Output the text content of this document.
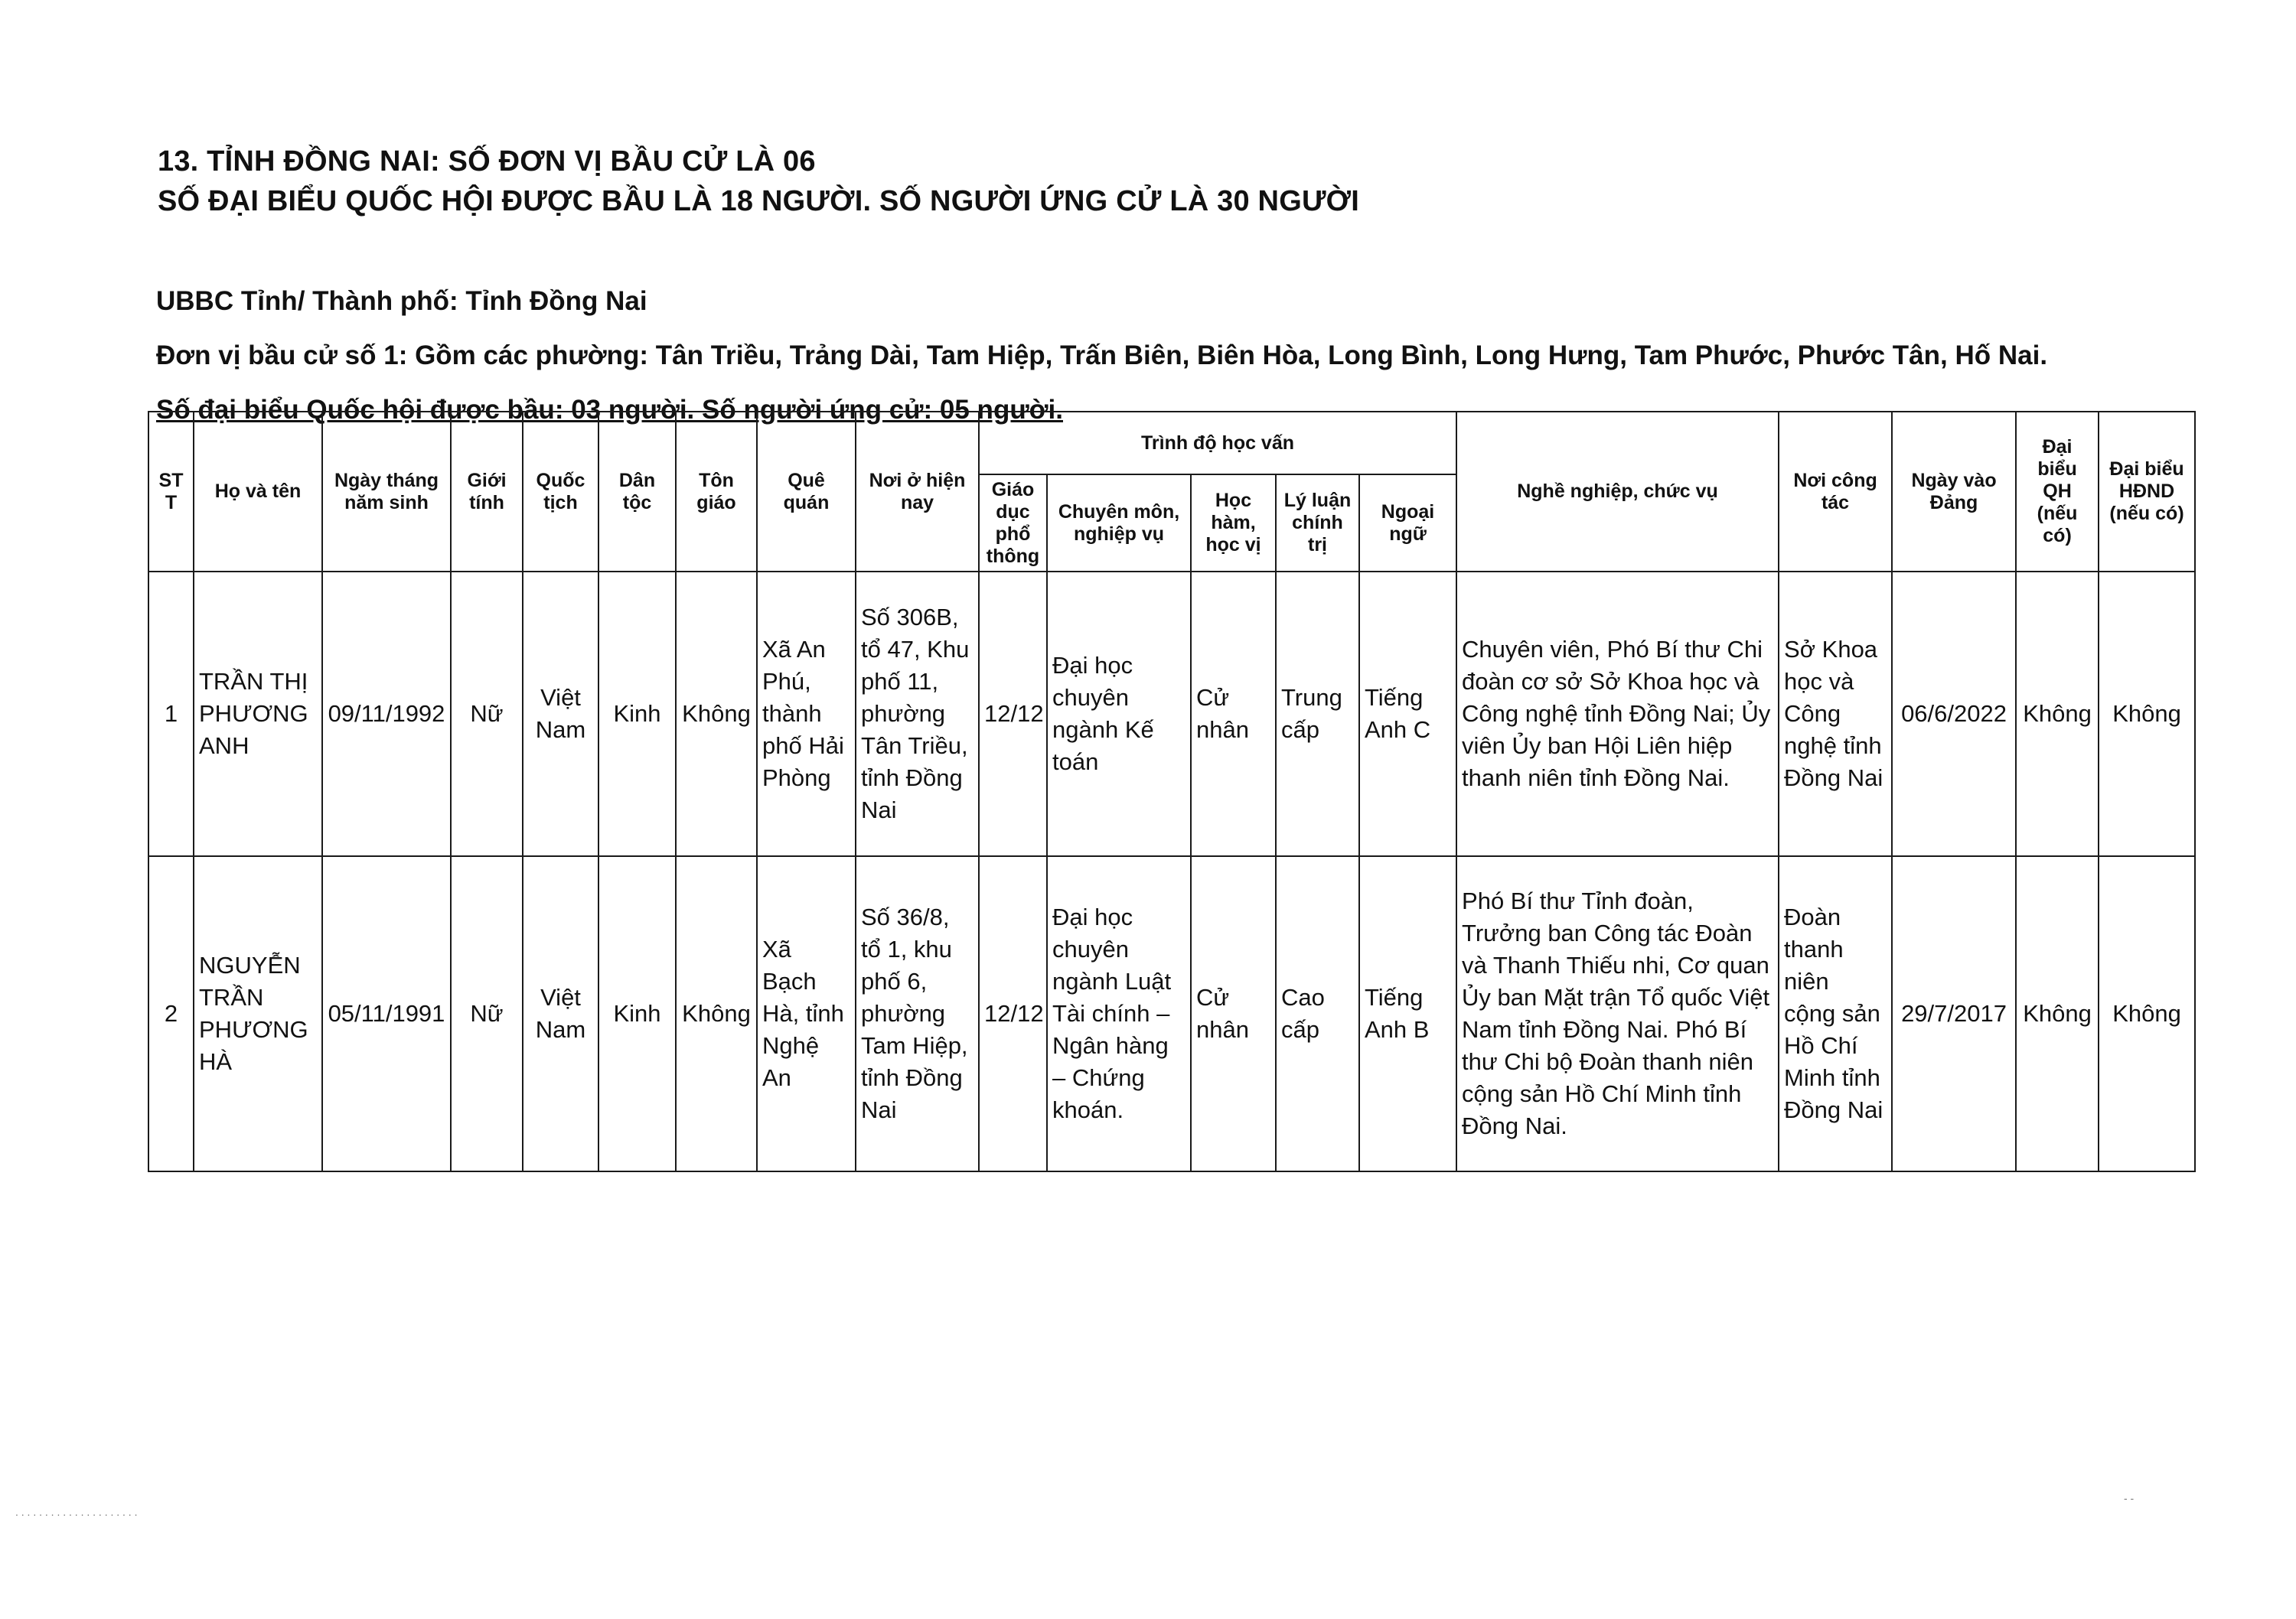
13. TỈNH ĐỒNG NAI: SỐ ĐƠN VỊ BẦU CỬ LÀ 06
SỐ ĐẠI BIỂU QUỐC HỘI ĐƯỢC BẦU LÀ 18 NGƯỜI. SỐ NGƯỜI ỨNG CỬ LÀ 30 NGƯỜI
UBBC Tỉnh/ Thành phố: Tỉnh Đồng Nai
Đơn vị bầu cử số 1: Gồm các phường: Tân Triều, Trảng Dài, Tam Hiệp, Trấn Biên, Biên Hòa, Long Bình, Long Hưng, Tam Phước, Phước Tân, Hố Nai.
Số đại biểu Quốc hội được bầu: 03 người. Số người ứng cử: 05 người.
ST T	Họ và tên	Ngày tháng năm sinh	Giới tính	Quốc tịch	Dân tộc	Tôn giáo	Quê quán	Nơi ở hiện nay	Trình độ học vấn					Nghề nghiệp, chức vụ	Nơi công tác	Ngày vào Đảng	Đại biểu QH (nếu có)	Đại biểu HĐND (nếu có)
									Giáo dục phổ thông	Chuyên môn, nghiệp vụ	Học hàm, học vị	Lý luận chính trị	Ngoại ngữ					
1	TRẦN THỊ PHƯƠNG ANH	09/11/1992	Nữ	Việt Nam	Kinh	Không	Xã An Phú, thành phố Hải Phòng	Số 306B, tổ 47, Khu phố 11, phường Tân Triều, tỉnh Đồng Nai	12/12	Đại học chuyên ngành Kế toán	Cử nhân	Trung cấp	Tiếng Anh C	Chuyên viên, Phó Bí thư Chi đoàn cơ sở Sở Khoa học và Công nghệ tỉnh Đồng Nai; Ủy viên Ủy ban Hội Liên hiệp thanh niên tỉnh Đồng Nai.	Sở Khoa học và Công nghệ tỉnh Đồng Nai	06/6/2022	Không	Không
2	NGUYỄN TRẦN PHƯƠNG HÀ	05/11/1991	Nữ	Việt Nam	Kinh	Không	Xã Bạch Hà, tỉnh Nghệ An	Số 36/8, tổ 1, khu phố 6, phường Tam Hiệp, tỉnh Đồng Nai	12/12	Đại học chuyên ngành Luật Tài chính – Ngân hàng – Chứng khoán.	Cử nhân	Cao cấp	Tiếng Anh B	Phó Bí thư Tỉnh đoàn, Trưởng ban Công tác Đoàn và Thanh Thiếu nhi, Cơ quan Ủy ban Mặt trận Tổ quốc Việt Nam tỉnh Đồng Nai. Phó Bí thư Chi bộ Đoàn thanh niên cộng sản Hồ Chí Minh tỉnh Đồng Nai.	Đoàn thanh niên cộng sản Hồ Chí Minh tỉnh Đồng Nai	29/7/2017	Không	Không
. . . . . . . . . . . . . . . . . . . . .
- -
